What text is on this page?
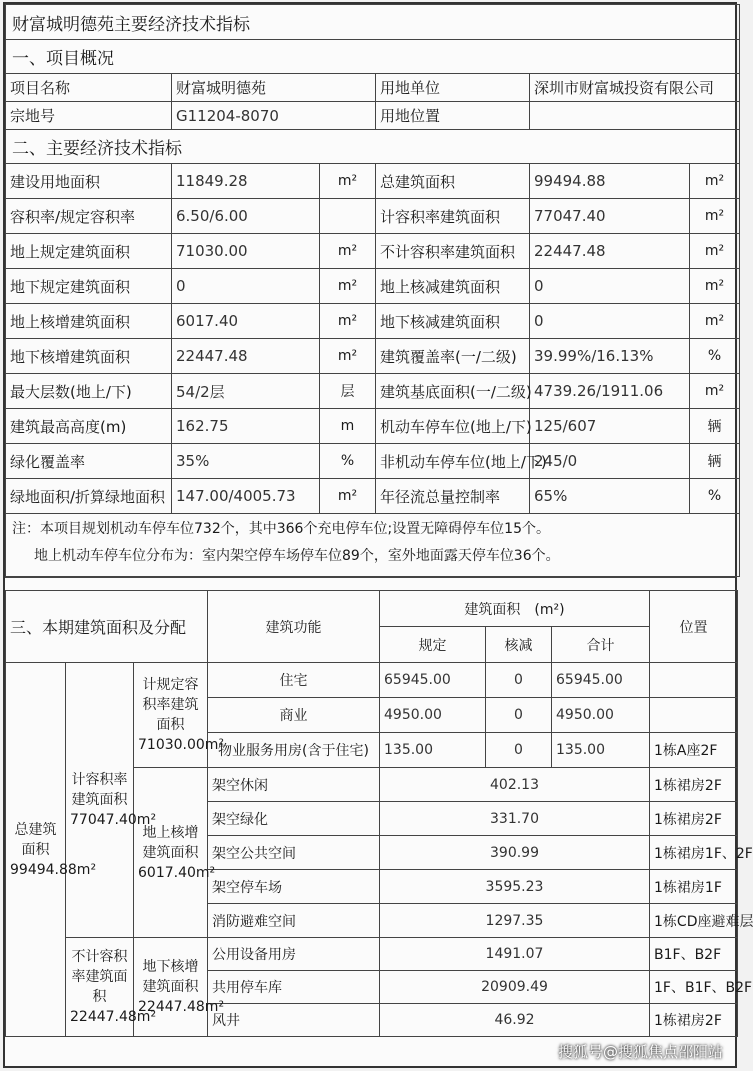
财富城明德苑主要经济技术指标					
一、项目概况					
项目名称	财富城明德苑		用地单位	深圳市财富城投资有限公司	
宗地号	G11204-8070		用地位置		
二、主要经济技术指标					
建设用地面积	11849.28	m²	总建筑面积	99494.88	m²
容积率/规定容积率	6.50/6.00		计容积率建筑面积	77047.40	m²
地上规定建筑面积	71030.00	m²	不计容积率建筑面积	22447.48	m²
地下规定建筑面积	0	m²	地上核减建筑面积	0	m²
地上核增建筑面积	6017.40	m²	地下核减建筑面积	0	m²
地下核增建筑面积	22447.48	m²	建筑覆盖率(一/二级)	39.99%/16.13%	%
最大层数(地上/下)	54/2层	层	建筑基底面积(一/二级)	4739.26/1911.06	m²
建筑最高高度(m)	162.75	m	机动车停车位(地上/下)	125/607	辆
绿化覆盖率	35%	%	非机动车停车位(地上/下)	245/0	辆
绿地面积/折算绿地面积	147.00/4005.73	m²	年径流总量控制率	65%	%

注：本项目规划机动车停车位732个，其中366个充电停车位;设置无障碍停车位15个。
地上机动车停车位分布为：室内架空停车场停车位89个，室外地面露天停车位36个。					
三、本期建筑面积及分配			建筑功能	建筑面积　(m²)			位置
				规定	核减	合计	
总建筑面积99494.88m²	计容积率建筑面积77047.40m²	计规定容积率建筑面积71030.00m²	住宅	65945.00	0	65945.00	
			商业	4950.00	0	4950.00	
			物业服务用房(含于住宅)	135.00	0	135.00	1栋A座2F
		地上核增建筑面积6017.40m²	架空休闲	402.13			1栋裙房2F
			架空绿化	331.70			1栋裙房2F
			架空公共空间	390.99			1栋裙房1F、2F
			架空停车场	3595.23			1栋裙房1F
			消防避难空间	1297.35			1栋CD座避难层
	不计容积率建筑面积22447.48m²	地下核增建筑面积22447.48m²	公用设备用房	1491.07			B1F、B2F
			共用停车库	20909.49			1F、B1F、B2F
			风井	46.92			1栋裙房2F
搜狐号@搜狐焦点邵阳站
